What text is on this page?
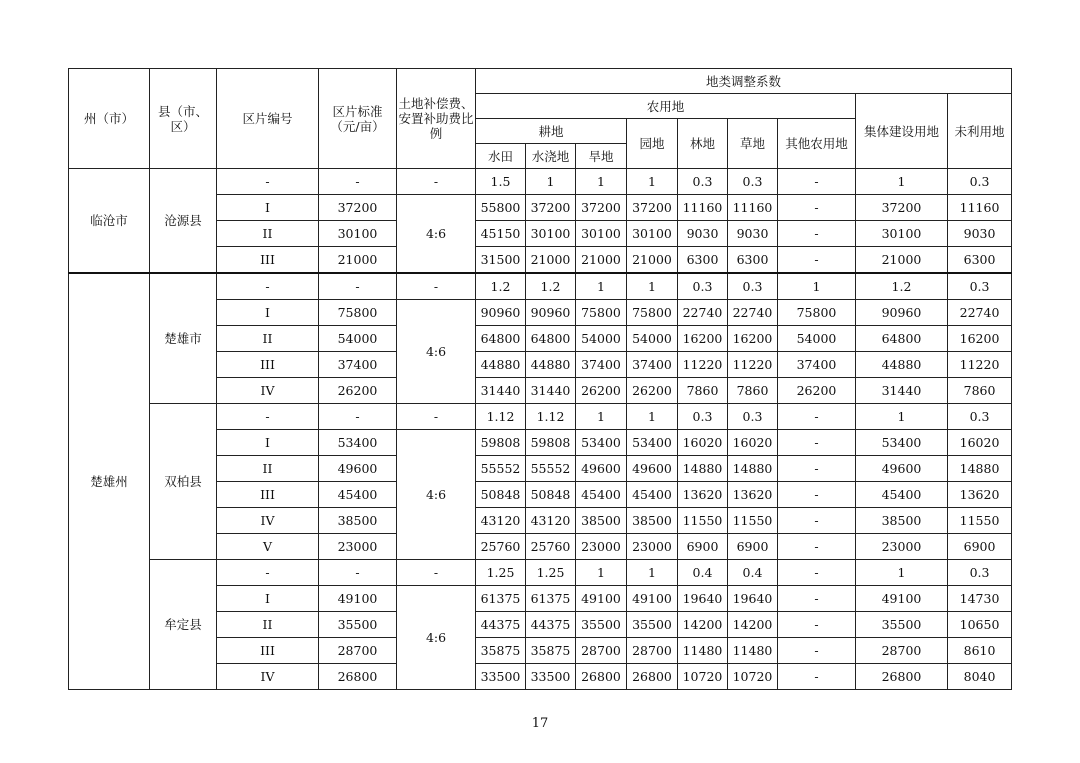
州（市）	县（市、区）	区片编号	区片标准（元/亩）	土地补偿费、安置补助费比例	地类调整系数								
					农用地							集体建设用地	未利用地
					耕地			园地	林地	草地	其他农用地		
					水田	水浇地	旱地						
临沧市	沧源县	-	-	-	1.5	1	1	1	0.3	0.3	-	1	0.3
		I	37200	4:6	55800	37200	37200	37200	11160	11160	-	37200	11160
		II	30100		45150	30100	30100	30100	9030	9030	-	30100	9030
		III	21000		31500	21000	21000	21000	6300	6300	-	21000	6300
楚雄州	楚雄市	-	-	-	1.2	1.2	1	1	0.3	0.3	1	1.2	0.3
		I	75800	4:6	90960	90960	75800	75800	22740	22740	75800	90960	22740
		II	54000		64800	64800	54000	54000	16200	16200	54000	64800	16200
		III	37400		44880	44880	37400	37400	11220	11220	37400	44880	11220
		IV	26200		31440	31440	26200	26200	7860	7860	26200	31440	7860
	双柏县	-	-	-	1.12	1.12	1	1	0.3	0.3	-	1	0.3
		I	53400	4:6	59808	59808	53400	53400	16020	16020	-	53400	16020
		II	49600		55552	55552	49600	49600	14880	14880	-	49600	14880
		III	45400		50848	50848	45400	45400	13620	13620	-	45400	13620
		IV	38500		43120	43120	38500	38500	11550	11550	-	38500	11550
		V	23000		25760	25760	23000	23000	6900	6900	-	23000	6900
	牟定县	-	-	-	1.25	1.25	1	1	0.4	0.4	-	1	0.3
		I	49100	4:6	61375	61375	49100	49100	19640	19640	-	49100	14730
		II	35500		44375	44375	35500	35500	14200	14200	-	35500	10650
		III	28700		35875	35875	28700	28700	11480	11480	-	28700	8610
		IV	26800		33500	33500	26800	26800	10720	10720	-	26800	8040
17
